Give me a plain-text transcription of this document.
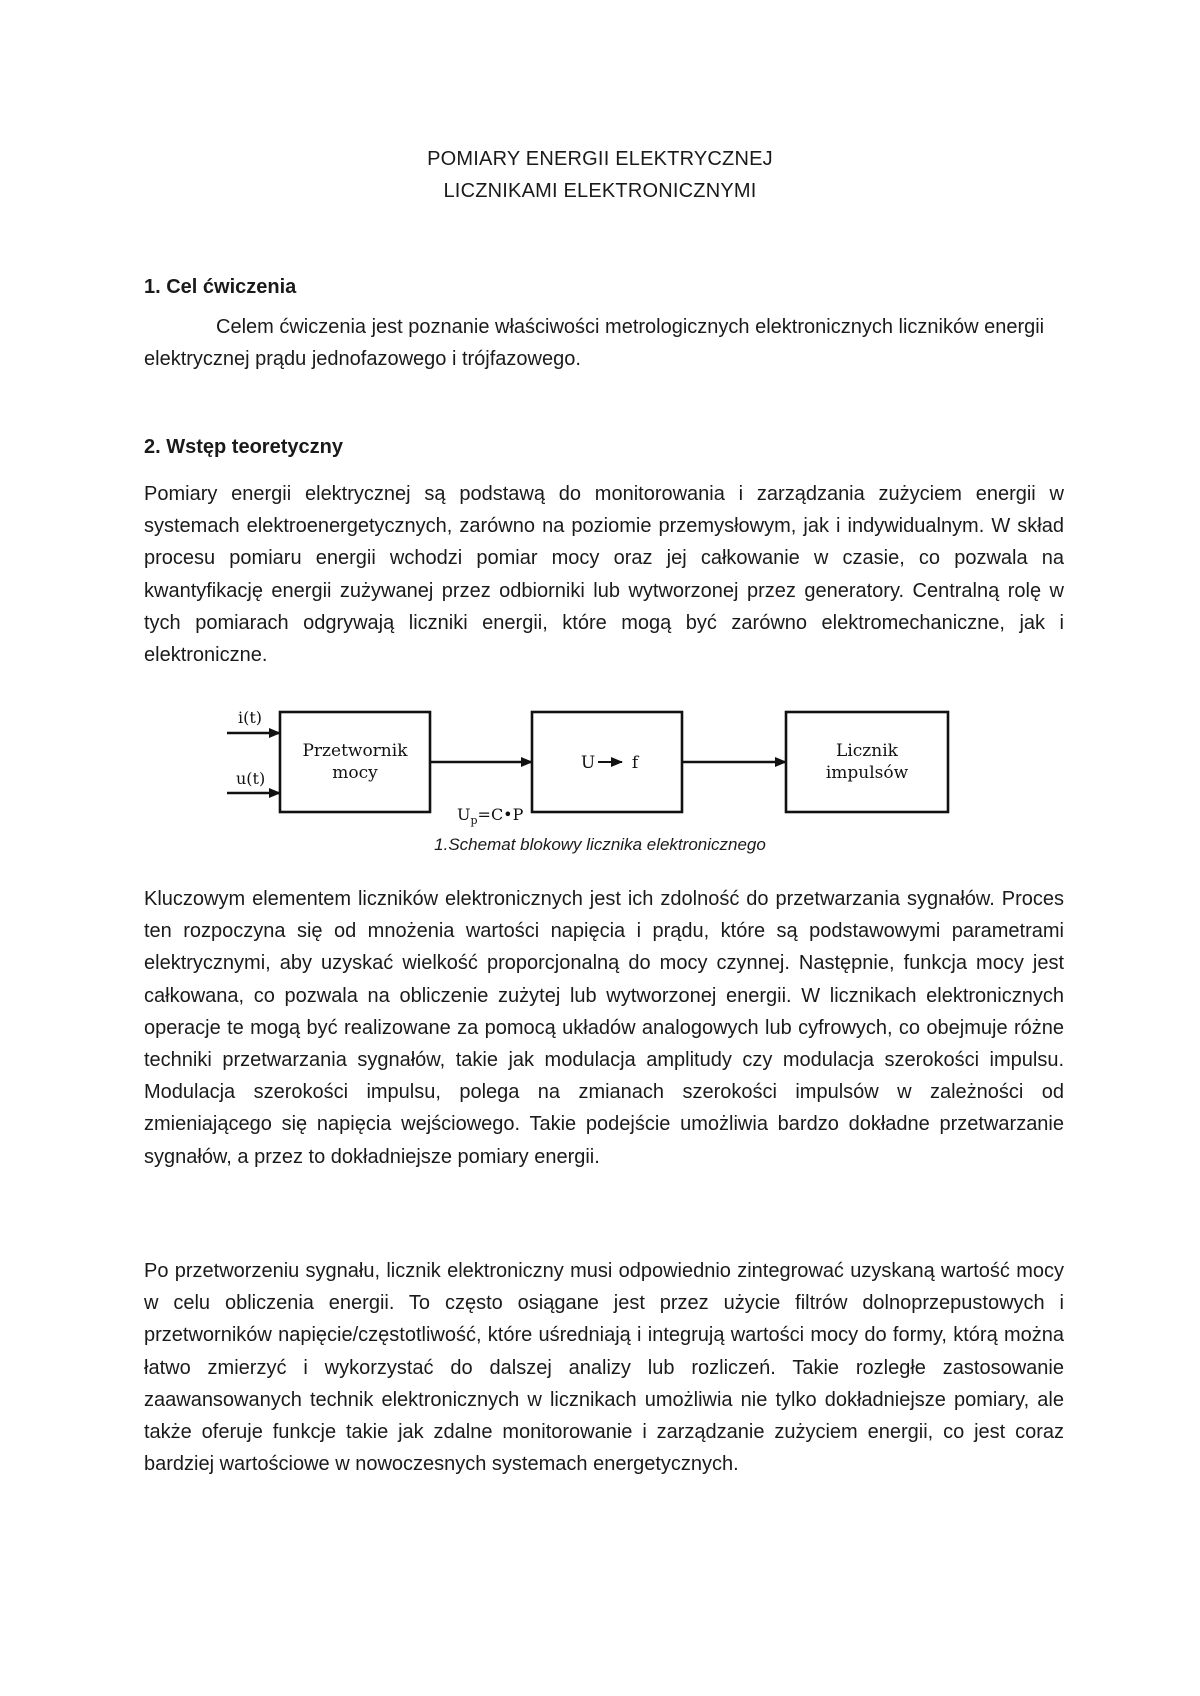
POMIARY ENERGII ELEKTRYCZNEJ
LICZNIKAMI ELEKTRONICZNYMI
1. Cel ćwiczenia
Celem ćwiczenia jest poznanie właściwości metrologicznych elektronicznych liczników energii elektrycznej prądu jednofazowego i trójfazowego.
2. Wstęp teoretyczny
Pomiary energii elektrycznej są podstawą do monitorowania i zarządzania zużyciem energii w systemach elektroenergetycznych, zarówno na poziomie przemysłowym, jak i indywidualnym. W skład procesu pomiaru energii wchodzi pomiar mocy oraz jej całkowanie w czasie, co pozwala na kwantyfikację energii zużywanej przez odbiorniki lub wytworzonej przez generatory. Centralną rolę w tych pomiarach odgrywają liczniki energii, które mogą być zarówno elektromechaniczne, jak i elektroniczne.
i(t)
u(t)
Przetwornik
mocy
$U_p=C•P$
U f
Licznik
impulsów
1.Schemat blokowy licznika elektronicznego
Kluczowym elementem liczników elektronicznych jest ich zdolność do przetwarzania sygnałów. Proces ten rozpoczyna się od mnożenia wartości napięcia i prądu, które są podstawowymi parametrami elektrycznymi, aby uzyskać wielkość proporcjonalną do mocy czynnej. Następnie, funkcja mocy jest całkowana, co pozwala na obliczenie zużytej lub wytworzonej energii. W licznikach elektronicznych operacje te mogą być realizowane za pomocą układów analogowych lub cyfrowych, co obejmuje różne techniki przetwarzania sygnałów, takie jak modulacja amplitudy czy modulacja szerokości impulsu. Modulacja szerokości impulsu, polega na zmianach szerokości impulsów w zależności od zmieniającego się napięcia wejściowego. Takie podejście umożliwia bardzo dokładne przetwarzanie sygnałów, a przez to dokładniejsze pomiary energii.
Po przetworzeniu sygnału, licznik elektroniczny musi odpowiednio zintegrować uzyskaną wartość mocy w celu obliczenia energii. To często osiągane jest przez użycie filtrów dolnoprzepustowych i przetworników napięcie/częstotliwość, które uśredniają i integrują wartości mocy do formy, którą można łatwo zmierzyć i wykorzystać do dalszej analizy lub rozliczeń. Takie rozległe zastosowanie zaawansowanych technik elektronicznych w licznikach umożliwia nie tylko dokładniejsze pomiary, ale także oferuje funkcje takie jak zdalne monitorowanie i zarządzanie zużyciem energii, co jest coraz bardziej wartościowe w nowoczesnych systemach energetycznych.
